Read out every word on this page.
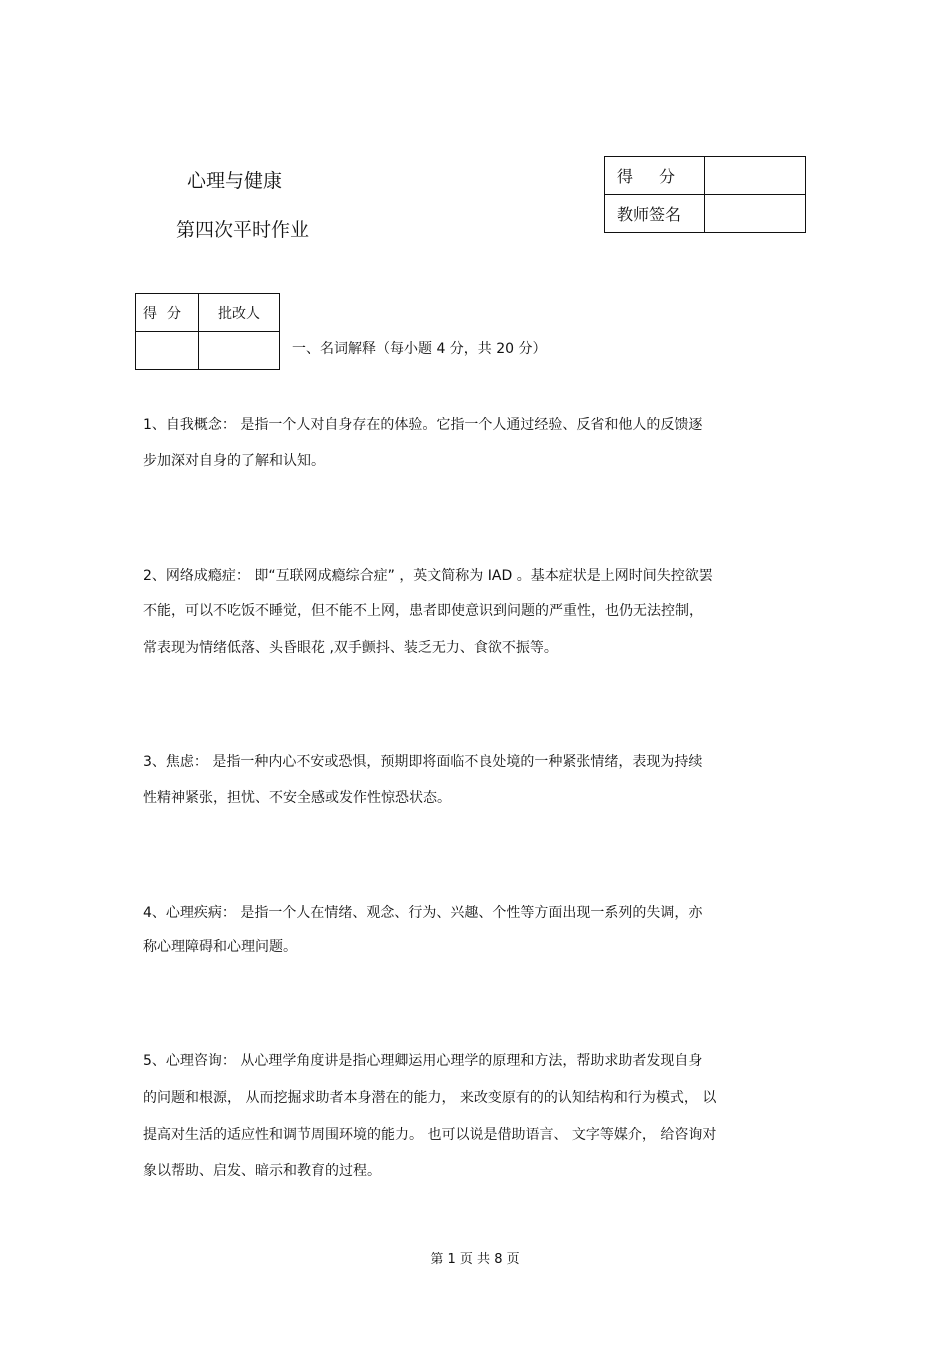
心理与健康
第四次平时作业
得分	
教师签名	
得分	批改人

一、名词解释（每小题 4 分，共 20 分）
1、自我概念： 是指一个人对自身存在的体验。它指一个人通过经验、反省和他人的反馈逐
步加深对自身的了解和认知。
2、网络成瘾症： 即“互联网成瘾综合症” ，英文简称为 IAD 。基本症状是上网时间失控欲罢
不能，可以不吃饭不睡觉，但不能不上网，患者即使意识到问题的严重性，也仍无法控制，
常表现为情绪低落、头昏眼花 ,双手颤抖、装乏无力、食欲不振等。
3、焦虑： 是指一种内心不安或恐惧，预期即将面临不良处境的一种紧张情绪，表现为持续
性精神紧张，担忧、不安全感或发作性惊恐状态。
4、心理疾病： 是指一个人在情绪、观念、行为、兴趣、个性等方面出现一系列的失调，亦
称心理障碍和心理问题。
5、心理咨询： 从心理学角度讲是指心理卿运用心理学的原理和方法，帮助求助者发现自身
的问题和根源， 从而挖掘求助者本身潜在的能力， 来改变原有的的认知结构和行为模式， 以
提高对生活的适应性和调节周围环境的能力。 也可以说是借助语言、 文字等媒介， 给咨询对
象以帮助、启发、暗示和教育的过程。
第 1 页 共 8 页
